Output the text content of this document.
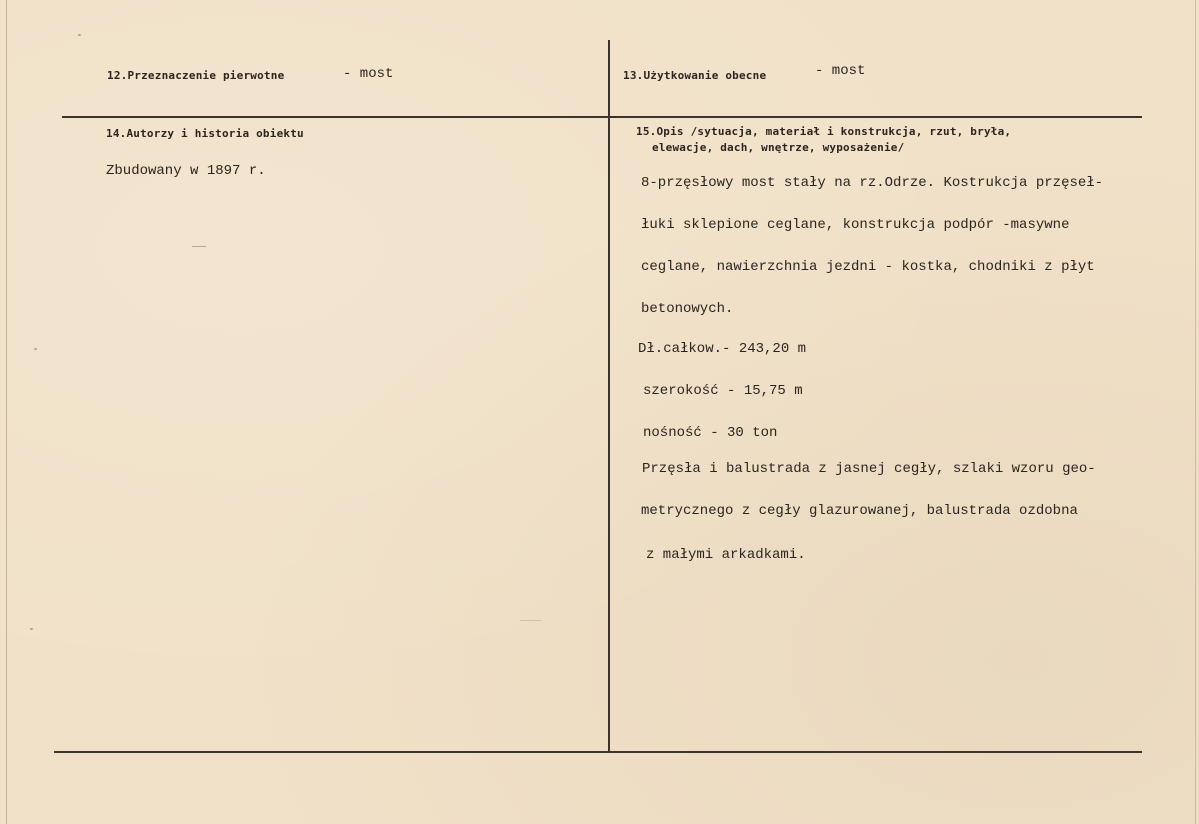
12.Przeznaczenie pierwotne	- most	13.Użytkowanie obecne	- most
14.Autorzy i historia obiektu
Zbudowany w 1897 r.
15.Opis /sytuacja, materiał i konstrukcja, rzut, bryła,
elewacje, dach, wnętrze, wyposażenie/
8-przęsłowy most stały na rz.Odrze. Kostrukcja przęseł-
łuki sklepione ceglane, konstrukcja podpór -masywne
ceglane, nawierzchnia jezdni - kostka, chodniki z płyt
betonowych.
Dł.całkow.- 243,20 m
szerokość - 15,75 m
nośność - 30 ton
Przęsła i balustrada z jasnej cegły, szlaki wzoru geo-
metrycznego z cegły glazurowanej, balustrada ozdobna
z małymi arkadkami.
